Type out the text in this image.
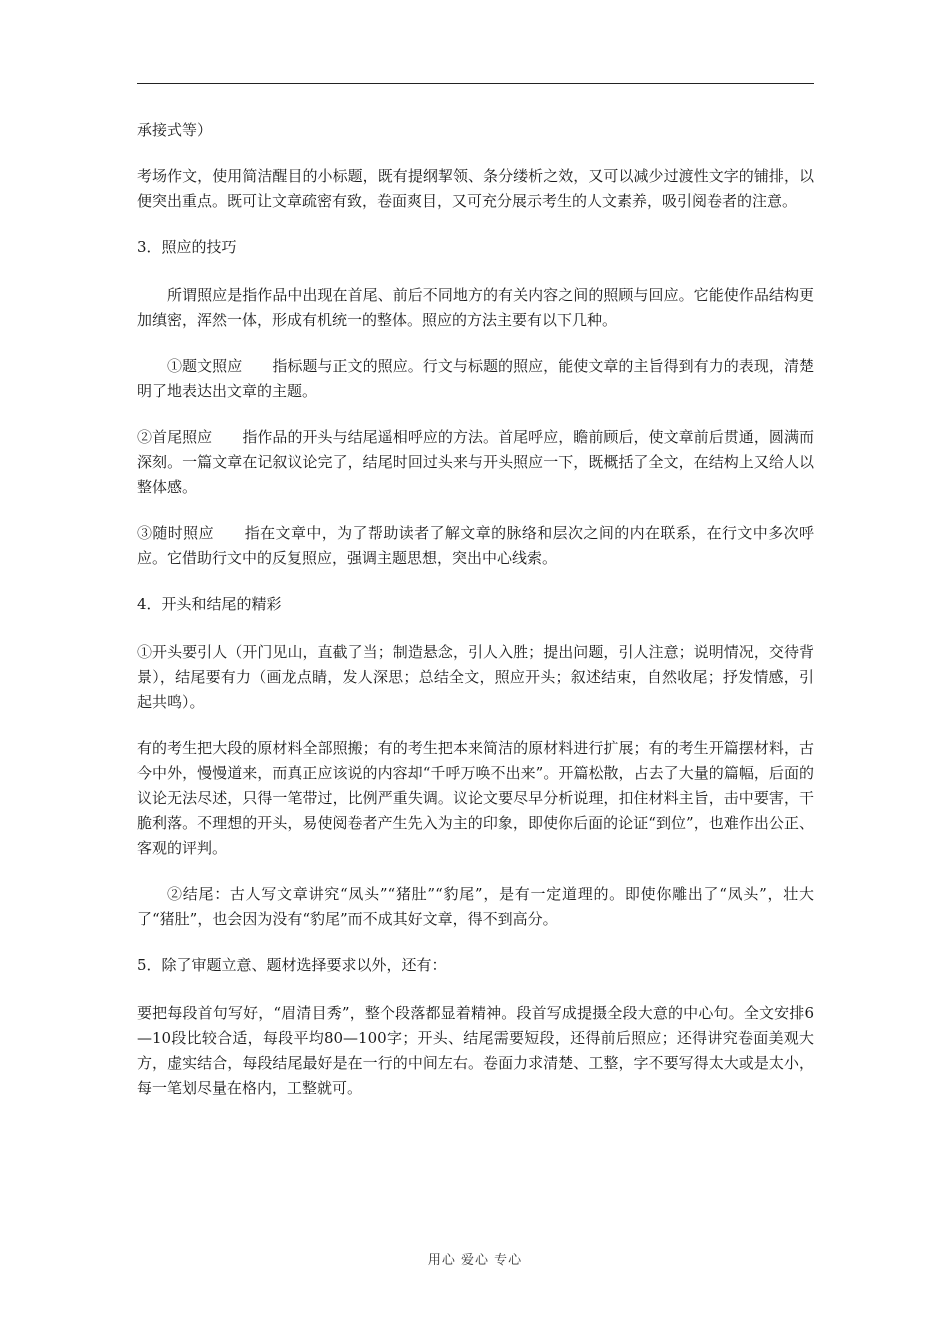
承接式等）

考场作文，使用简洁醒目的小标题，既有提纲挈领、条分缕析之效，又可以减少过渡性文字的铺排，以便突出重点。既可让文章疏密有致，卷面爽目，又可充分展示考生的人文素养，吸引阅卷者的注意。

3．照应的技巧

所谓照应是指作品中出现在首尾、前后不同地方的有关内容之间的照顾与回应。它能使作品结构更加缜密，浑然一体，形成有机统一的整体。照应的方法主要有以下几种。

①题文照应　　指标题与正文的照应。行文与标题的照应，能使文章的主旨得到有力的表现，清楚明了地表达出文章的主题。

②首尾照应　　指作品的开头与结尾遥相呼应的方法。首尾呼应，瞻前顾后，使文章前后贯通，圆满而深刻。一篇文章在记叙议论完了，结尾时回过头来与开头照应一下，既概括了全文，在结构上又给人以整体感。

③随时照应　　指在文章中，为了帮助读者了解文章的脉络和层次之间的内在联系，在行文中多次呼应。它借助行文中的反复照应，强调主题思想，突出中心线索。

4．开头和结尾的精彩

①开头要引人（开门见山，直截了当；制造悬念，引人入胜；提出问题，引人注意；说明情况，交待背景），结尾要有力（画龙点睛，发人深思；总结全文，照应开头；叙述结束，自然收尾；抒发情感，引起共鸣）。

有的考生把大段的原材料全部照搬；有的考生把本来简洁的原材料进行扩展；有的考生开篇摆材料，古今中外，慢慢道来，而真正应该说的内容却“千呼万唤不出来”。开篇松散，占去了大量的篇幅，后面的议论无法尽述，只得一笔带过，比例严重失调。议论文要尽早分析说理，扣住材料主旨，击中要害，干脆利落。不理想的开头，易使阅卷者产生先入为主的印象，即使你后面的论证“到位”，也难作出公正、客观的评判。

②结尾：古人写文章讲究“凤头”“猪肚”“豹尾”，是有一定道理的。即使你雕出了“凤头”，壮大了“猪肚”，也会因为没有“豹尾”而不成其好文章，得不到高分。

5．除了审题立意、题材选择要求以外，还有：

要把每段首句写好，“眉清目秀”，整个段落都显着精神。段首写成提摄全段大意的中心句。全文安排6—10段比较合适，每段平均80—100字；开头、结尾需要短段，还得前后照应；还得讲究卷面美观大方，虚实结合，每段结尾最好是在一行的中间左右。卷面力求清楚、工整，字不要写得太大或是太小，每一笔划尽量在格内，工整就可。

用心 爱心 专心
